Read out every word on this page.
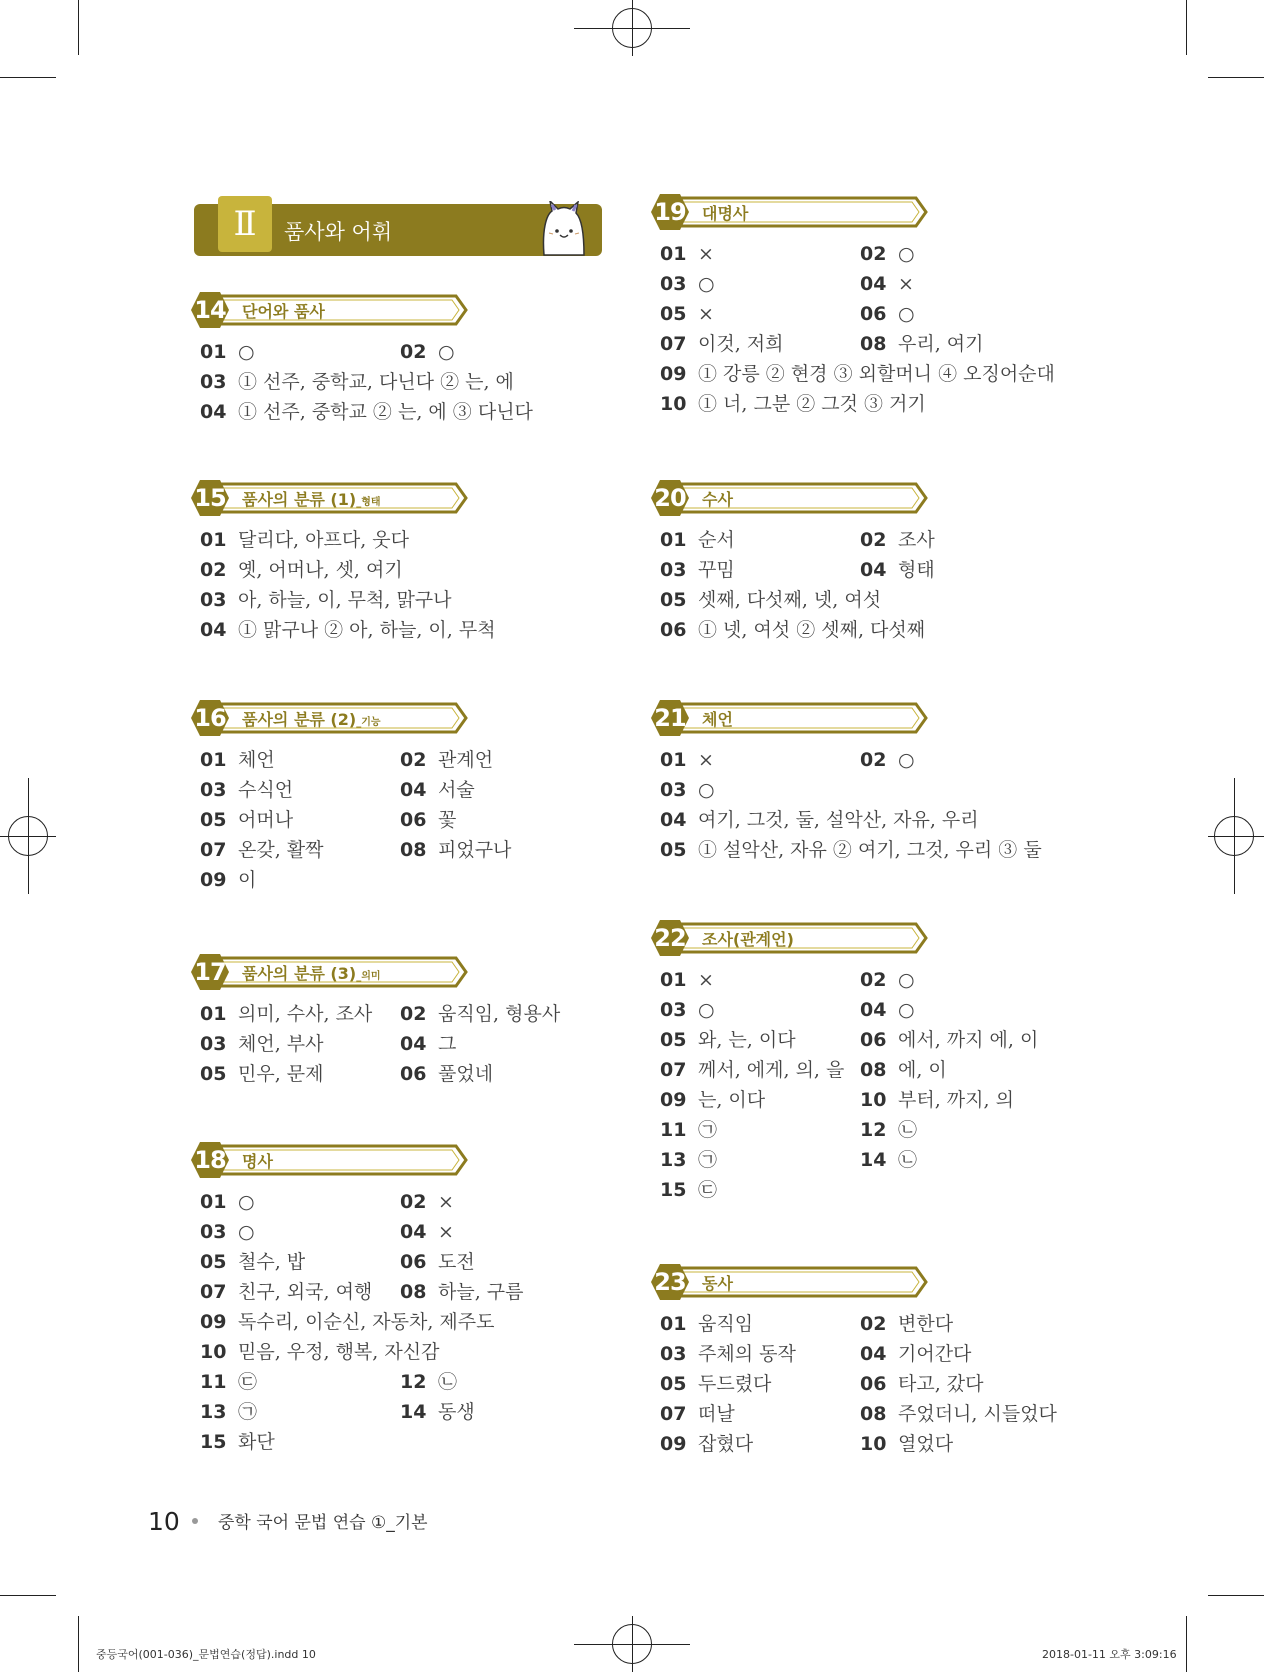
Ⅱ	품사와 어휘
14 단어와 품사
01 ○	02 ○
03 ① 선주, 중학교, 다닌다 ② 는, 에
04 ① 선주, 중학교 ② 는, 에 ③ 다닌다
15 품사의 분류 (1)_형태
01 달리다, 아프다, 웃다
02 옛, 어머나, 셋, 여기
03 아, 하늘, 이, 무척, 맑구나
04 ① 맑구나 ② 아, 하늘, 이, 무척
16 품사의 분류 (2)_기능
01 체언	02 관계언
03 수식언	04 서술
05 어머나	06 꽃
07 온갖, 활짝	08 피었구나
09 이
17 품사의 분류 (3)_의미
01 의미, 수사, 조사 02 움직임, 형용사
03 체언, 부사	04 그
05 민우, 문제	06 풀었네
18 명사
01 ○	02 ×
03 ○	04 ×
05 철수, 밥	06 도전
07 친구, 외국, 여행 08 하늘, 구름
09 독수리, 이순신, 자동차, 제주도
10 믿음, 우정, 행복, 자신감
11 ㉢	12 ㉡
13 ㉠	14 동생
15 화단
19 대명사
01 ×	02 ○
03 ○	04 ×
05 ×	06 ○
07 이것, 저희	08 우리, 여기
09 ① 강릉 ② 현경 ③ 외할머니 ④ 오징어순대
10 ① 너, 그분 ② 그것 ③ 거기
20 수사
01 순서	02 조사
03 꾸밈	04 형태
05 셋째, 다섯째, 넷, 여섯
06 ① 넷, 여섯 ② 셋째, 다섯째
21 체언
01 ×	02 ○
03 ○
04 여기, 그것, 둘, 설악산, 자유, 우리
05 ① 설악산, 자유 ② 여기, 그것, 우리 ③ 둘
22 조사(관계언)
01 ×	02 ○
03 ○	04 ○
05 와, 는, 이다	06 에서, 까지 에, 이
07 께서, 에게, 의, 을 08 에, 이
09 는, 이다	10 부터, 까지, 의
11 ㉠	12 ㉡
13 ㉠	14 ㉡
15 ㉢
23 동사
01 움직임	02 변한다
03 주체의 동작	04 기어간다
05 두드렸다	06 타고, 갔다
07 떠날	08 주었더니, 시들었다
09 잡혔다	10 열었다
10 중학 국어 문법 연습 ①_기본
중등국어(001-036)_문법연습(정답).indd 10	2018-01-11 오후 3:09:16
